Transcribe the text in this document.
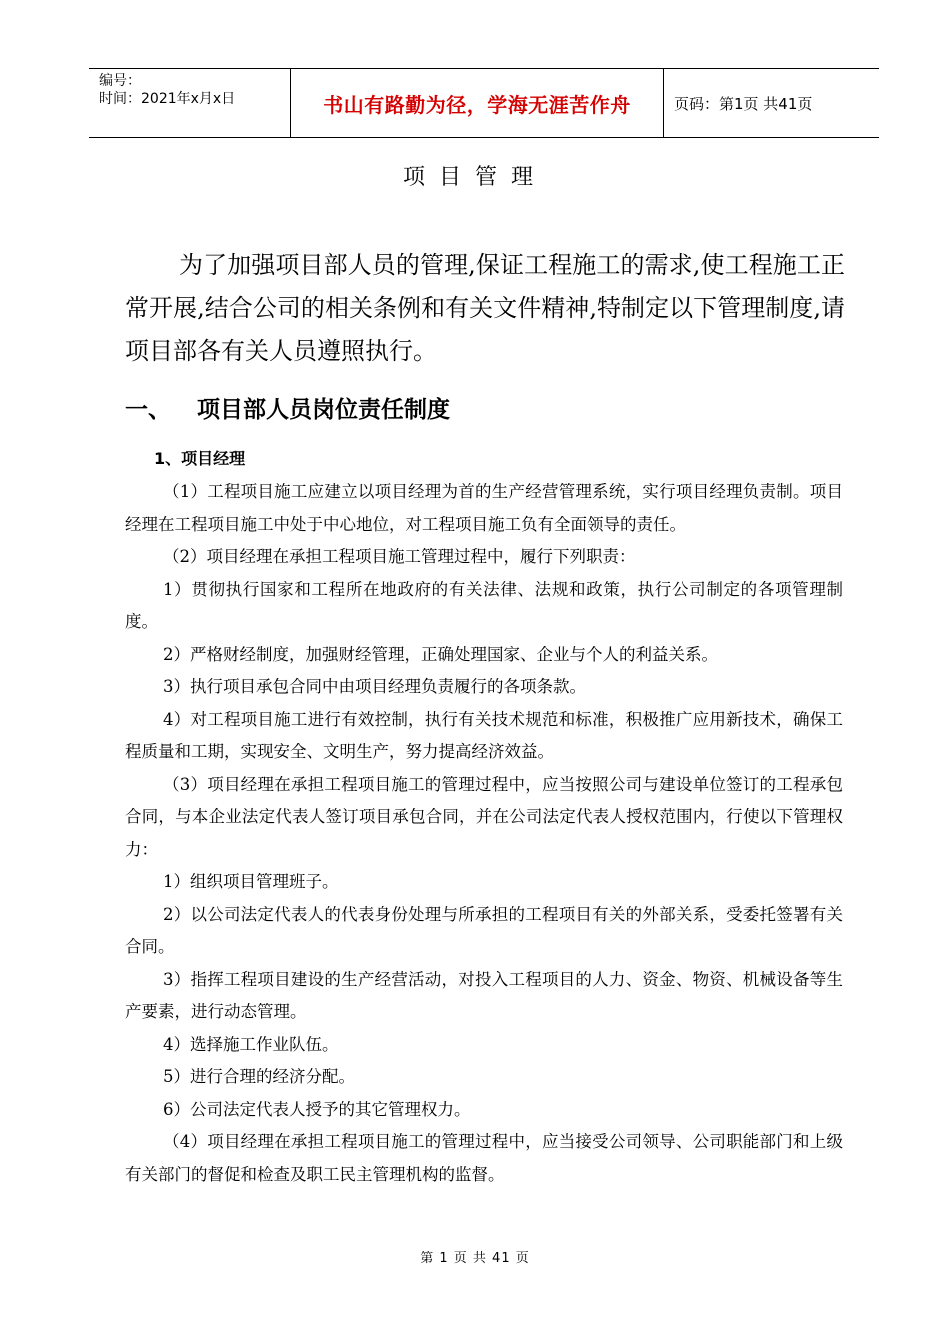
编号：
时间：2021年x月x日	书山有路勤为径，学海无涯苦作舟	页码：第1页 共41页
项目管理

为了加强项目部人员的管理,保证工程施工的需求,使工程施工正常开展,结合公司的相关条例和有关文件精神,特制定以下管理制度,请项目部各有关人员遵照执行。

一、 项目部人员岗位责任制度
1、项目经理

（1）工程项目施工应建立以项目经理为首的生产经营管理系统，实行项目经理负责制。项目经理在工程项目施工中处于中心地位，对工程项目施工负有全面领导的责任。

（2）项目经理在承担工程项目施工管理过程中，履行下列职责：

1）贯彻执行国家和工程所在地政府的有关法律、法规和政策，执行公司制定的各项管理制度。

2）严格财经制度，加强财经管理，正确处理国家、企业与个人的利益关系。

3）执行项目承包合同中由项目经理负责履行的各项条款。

4）对工程项目施工进行有效控制，执行有关技术规范和标准，积极推广应用新技术，确保工程质量和工期，实现安全、文明生产，努力提高经济效益。

（3）项目经理在承担工程项目施工的管理过程中，应当按照公司与建设单位签订的工程承包合同，与本企业法定代表人签订项目承包合同，并在公司法定代表人授权范围内，行使以下管理权力：

1）组织项目管理班子。

2）以公司法定代表人的代表身份处理与所承担的工程项目有关的外部关系，受委托签署有关合同。

3）指挥工程项目建设的生产经营活动，对投入工程项目的人力、资金、物资、机械设备等生产要素，进行动态管理。

4）选择施工作业队伍。

5）进行合理的经济分配。

6）公司法定代表人授予的其它管理权力。

（4）项目经理在承担工程项目施工的管理过程中，应当接受公司领导、公司职能部门和上级有关部门的督促和检查及职工民主管理机构的监督。

第 1 页 共 41 页
